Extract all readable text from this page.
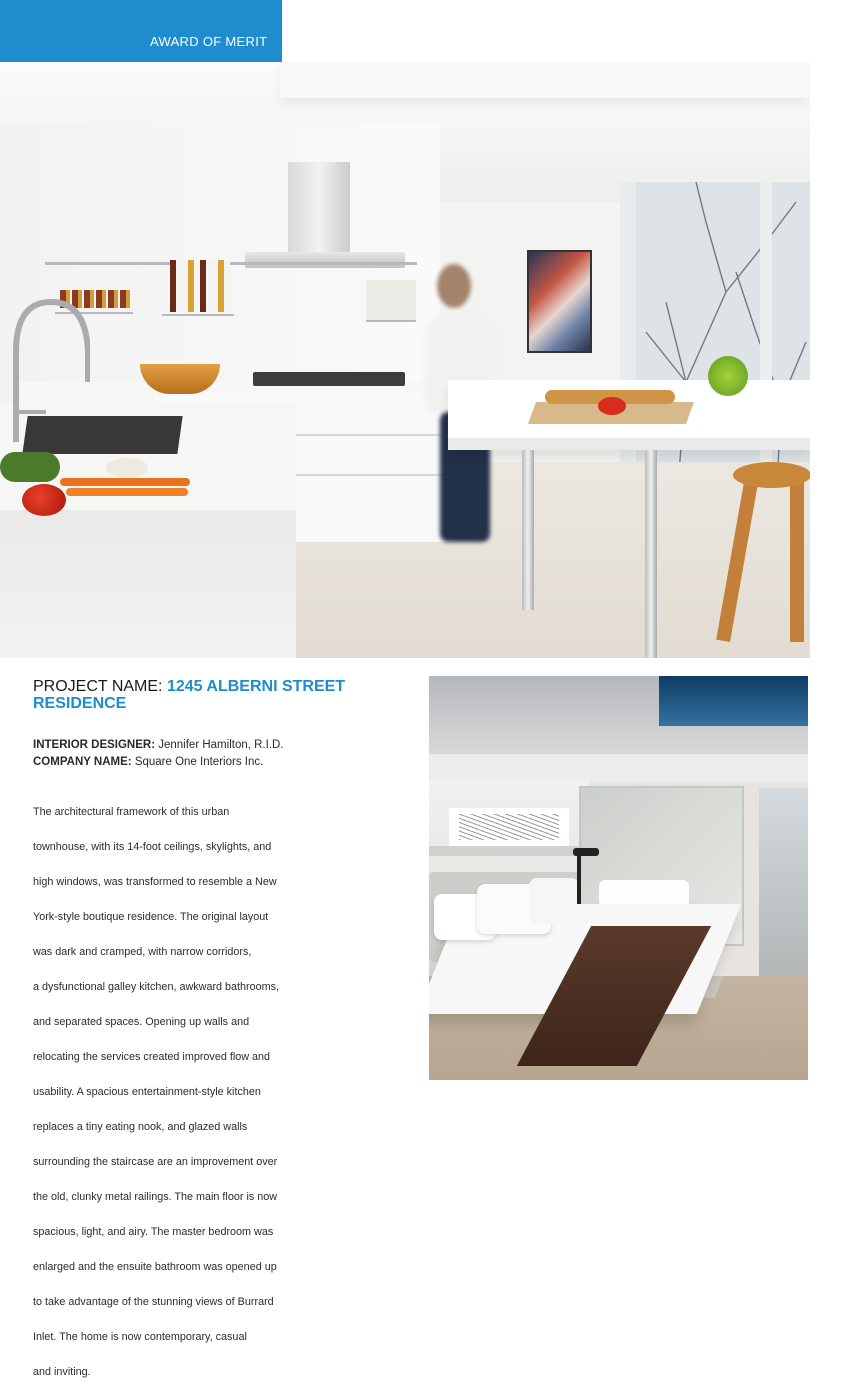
AWARD OF MERIT
PROJECT NAME: 1245 ALBERNI STREET RESIDENCE
INTERIOR DESIGNER: Jennifer Hamilton, R.I.D.
COMPANY NAME: Square One Interiors Inc.

The architectural framework of this urban

townhouse, with its 14-foot ceilings, skylights, and

high windows, was transformed to resemble a New

York-style boutique residence. The original layout

was dark and cramped, with narrow corridors,

a dysfunctional galley kitchen, awkward bathrooms,

and separated spaces. Opening up walls and

relocating the services created improved flow and

usability. A spacious entertainment-style kitchen

replaces a tiny eating nook, and glazed walls

surrounding the staircase are an improvement over

the old, clunky metal railings. The main floor is now

spacious, light, and airy. The master bedroom was

enlarged and the ensuite bathroom was opened up

to take advantage of the stunning views of Burrard

Inlet. The home is now contemporary, casual

and inviting.
